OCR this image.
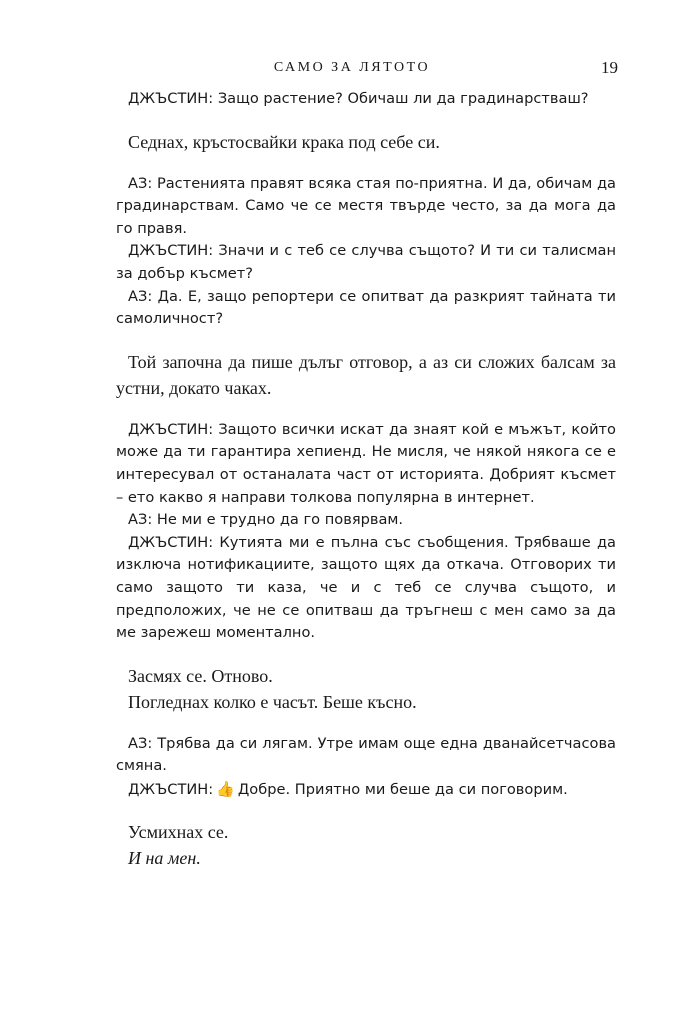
САМО ЗА ЛЯТОТО	19

ДЖЪСТИН: Защо растение? Обичаш ли да градинарстваш?

Седнах, кръстосвайки крака под себе си.

АЗ: Растенията правят всяка стая по-приятна. И да, обичам да градинарствам. Само че се местя твърде често, за да мога да го правя.

ДЖЪСТИН: Значи и с теб се случва същото? И ти си талисман за добър късмет?

АЗ: Да. Е, защо репортери се опитват да разкрият тайната ти самоличност?

Той започна да пише дълъг отговор, а аз си сложих балсам за устни, докато чаках.

ДЖЪСТИН: Защото всички искат да знаят кой е мъжът, който може да ти гарантира хепиенд. Не мисля, че някой някога се е интересувал от останалата част от историята. Добрият късмет – ето какво я направи толкова популярна в интернет.

АЗ: Не ми е трудно да го повярвам.

ДЖЪСТИН: Кутията ми е пълна със съобщения. Трябваше да изключа нотификациите, защото щях да откача. Отговорих ти само защото ти каза, че и с теб се случва същото, и предположих, че не се опитваш да тръгнеш с мен само за да ме зарежеш моментално.

Засмях се. Отново.

Погледнах колко е часът. Беше късно.

АЗ: Трябва да си лягам. Утре имам още една дванайсетчасова смяна.

ДЖЪСТИН: 👍 Добре. Приятно ми беше да си поговорим.

Усмихнах се.

И на мен.
